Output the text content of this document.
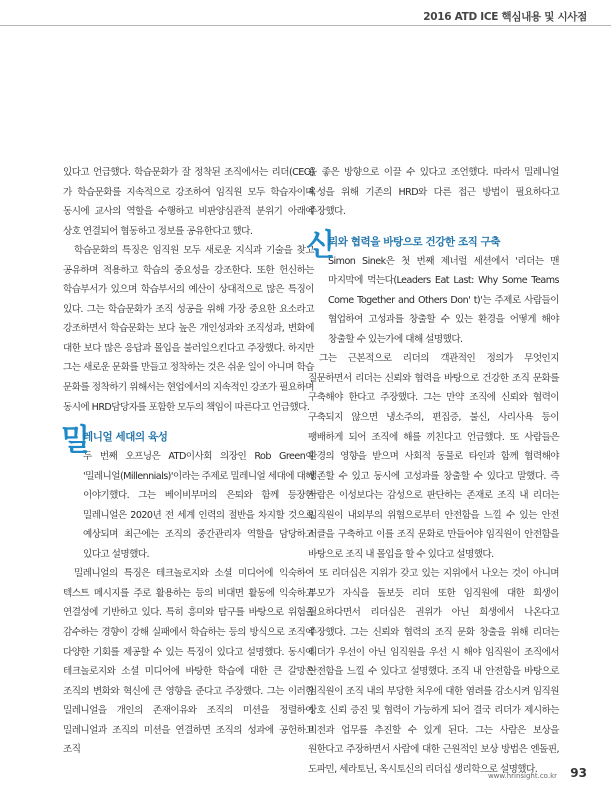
2016 ATD ICE 핵심내용 및 시사점

있다고 언급했다. 학습문화가 잘 정착된 조직에서는 리더(CEO)가 학습문화를 지속적으로 강조하여 임직원 모두 학습자이며 동시에 교사의 역할을 수행하고 비판양심관적 분위기 아래에 상호 연결되어 협동하고 정보를 공유한다고 했다.

학습문화의 특징은 임직원 모두 새로운 지식과 기술을 찾고 공유하며 적용하고 학습의 중요성을 강조한다. 또한 헌신하는 학습부서가 있으며 학습부서의 예산이 상대적으로 많은 특징이 있다. 그는 학습문화가 조직 성공을 위해 가장 중요한 요소라고 강조하면서 학습문화는 보다 높은 개인성과와 조직성과, 변화에 대한 보다 많은 응답과 몰입을 불러일으킨다고 주장했다. 하지만 그는 새로운 문화를 만들고 정착하는 것은 쉬운 일이 아니며 학습 문화를 정착하기 위해서는 현업에서의 지속적인 강조가 필요하며 동시에 HRD담당자를 포함한 모두의 책임이 따른다고 언급했다.

밀
레니얼 세대의 육성

두 번째 오프닝은 ATD이사회 의장인 Rob Green이 '밀레니얼(Millennials)'이라는 주제로 밀레니얼 세대에 대해 이야기했다. 그는 베이비부머의 은퇴와 함께 등장한 밀레니얼은 2020년 전 세계 인력의 절반을 차지할 것으로 예상되며 최근에는 조직의 중간관리자 역할을 담당하고 있다고 설명했다.

밀레니얼의 특징은 테크놀로지와 소셜 미디어에 익숙하여 텍스트 메시지를 주로 활용하는 등의 비대면 활동에 익숙하고 연결성에 기반하고 있다. 특히 흥미와 탐구를 바탕으로 위험을 감수하는 경향이 강해 실패에서 학습하는 등의 방식으로 조직에 다양한 기회를 제공할 수 있는 특징이 있다고 설명했다. 동시에 테크놀로지와 소셜 미디어에 바탕한 학습에 대한 큰 갈망은 조직의 변화와 혁신에 큰 영향을 준다고 주장했다. 그는 이러한 밀레니얼을 개인의 존재이유와 조직의 미션을 정렬하여 밀레니얼과 조직의 미션을 연결하면 조직의 성과에 공헌하고 조직

을 좋은 방향으로 이끌 수 있다고 조언했다. 따라서 밀레니얼 육성을 위해 기존의 HRD와 다른 접근 방법이 필요하다고 주장했다.

신
뢰와 협력을 바탕으로 건강한 조직 구축

Simon Sinek은 첫 번째 제너럴 세션에서 '리더는 맨 마지막에 먹는다(Leaders Eat Last: Why Some Teams Come Together and Others Don' t)'는 주제로 사람들이 협업하여 고성과를 창출할 수 있는 환경을 어떻게 해야 창출할 수 있는가에 대해 설명했다.

그는 근본적으로 리더의 객관적인 정의가 무엇인지 질문하면서 리더는 신뢰와 협력을 바탕으로 건강한 조직 문화를 구축해야 한다고 주장했다. 그는 만약 조직에 신뢰와 협력이 구축되지 않으면 냉소주의, 편집증, 불신, 사리사욕 등이 팽배하게 되어 조직에 해를 끼친다고 언급했다. 또 사람들은 환경의 영향을 받으며 사회적 동물로 타인과 함께 협력해야 생존할 수 있고 동시에 고성과를 창출할 수 있다고 말했다. 즉 사람은 이성보다는 감성으로 판단하는 존재로 조직 내 리더는 임직원이 내외부의 위협으로부터 안전함을 느낄 수 있는 안전 서클을 구축하고 이를 조직 문화로 만들어야 임직원이 안전함을 바탕으로 조직 내 몰입을 할 수 있다고 설명했다.

또 리더십은 지위가 갖고 있는 지위에서 나오는 것이 아니며 부모가 자식을 돌보듯 리더 또한 임직원에 대한 희생이 필요하다면서 리더십은 권위가 아닌 희생에서 나온다고 주장했다. 그는 신뢰와 협력의 조직 문화 창출을 위해 리더는 리더가 우선이 아닌 임직원을 우선 시 해야 임직원이 조직에서 안전함을 느낄 수 있다고 설명했다. 조직 내 안전함을 바탕으로 임직원이 조직 내의 부당한 처우에 대한 염려를 감소시켜 임직원 상호 신뢰 증진 및 협력이 가능하게 되어 결국 리더가 제시하는 비전과 업무를 추진할 수 있게 된다. 그는 사람은 보상을 원한다고 주장하면서 사람에 대한 근원적인 보상 방법은 엔돌핀, 도파민, 세라토닌, 옥시토신의 리더십 생리학으로 설명했다.

www.hrinsight.co.kr 93
